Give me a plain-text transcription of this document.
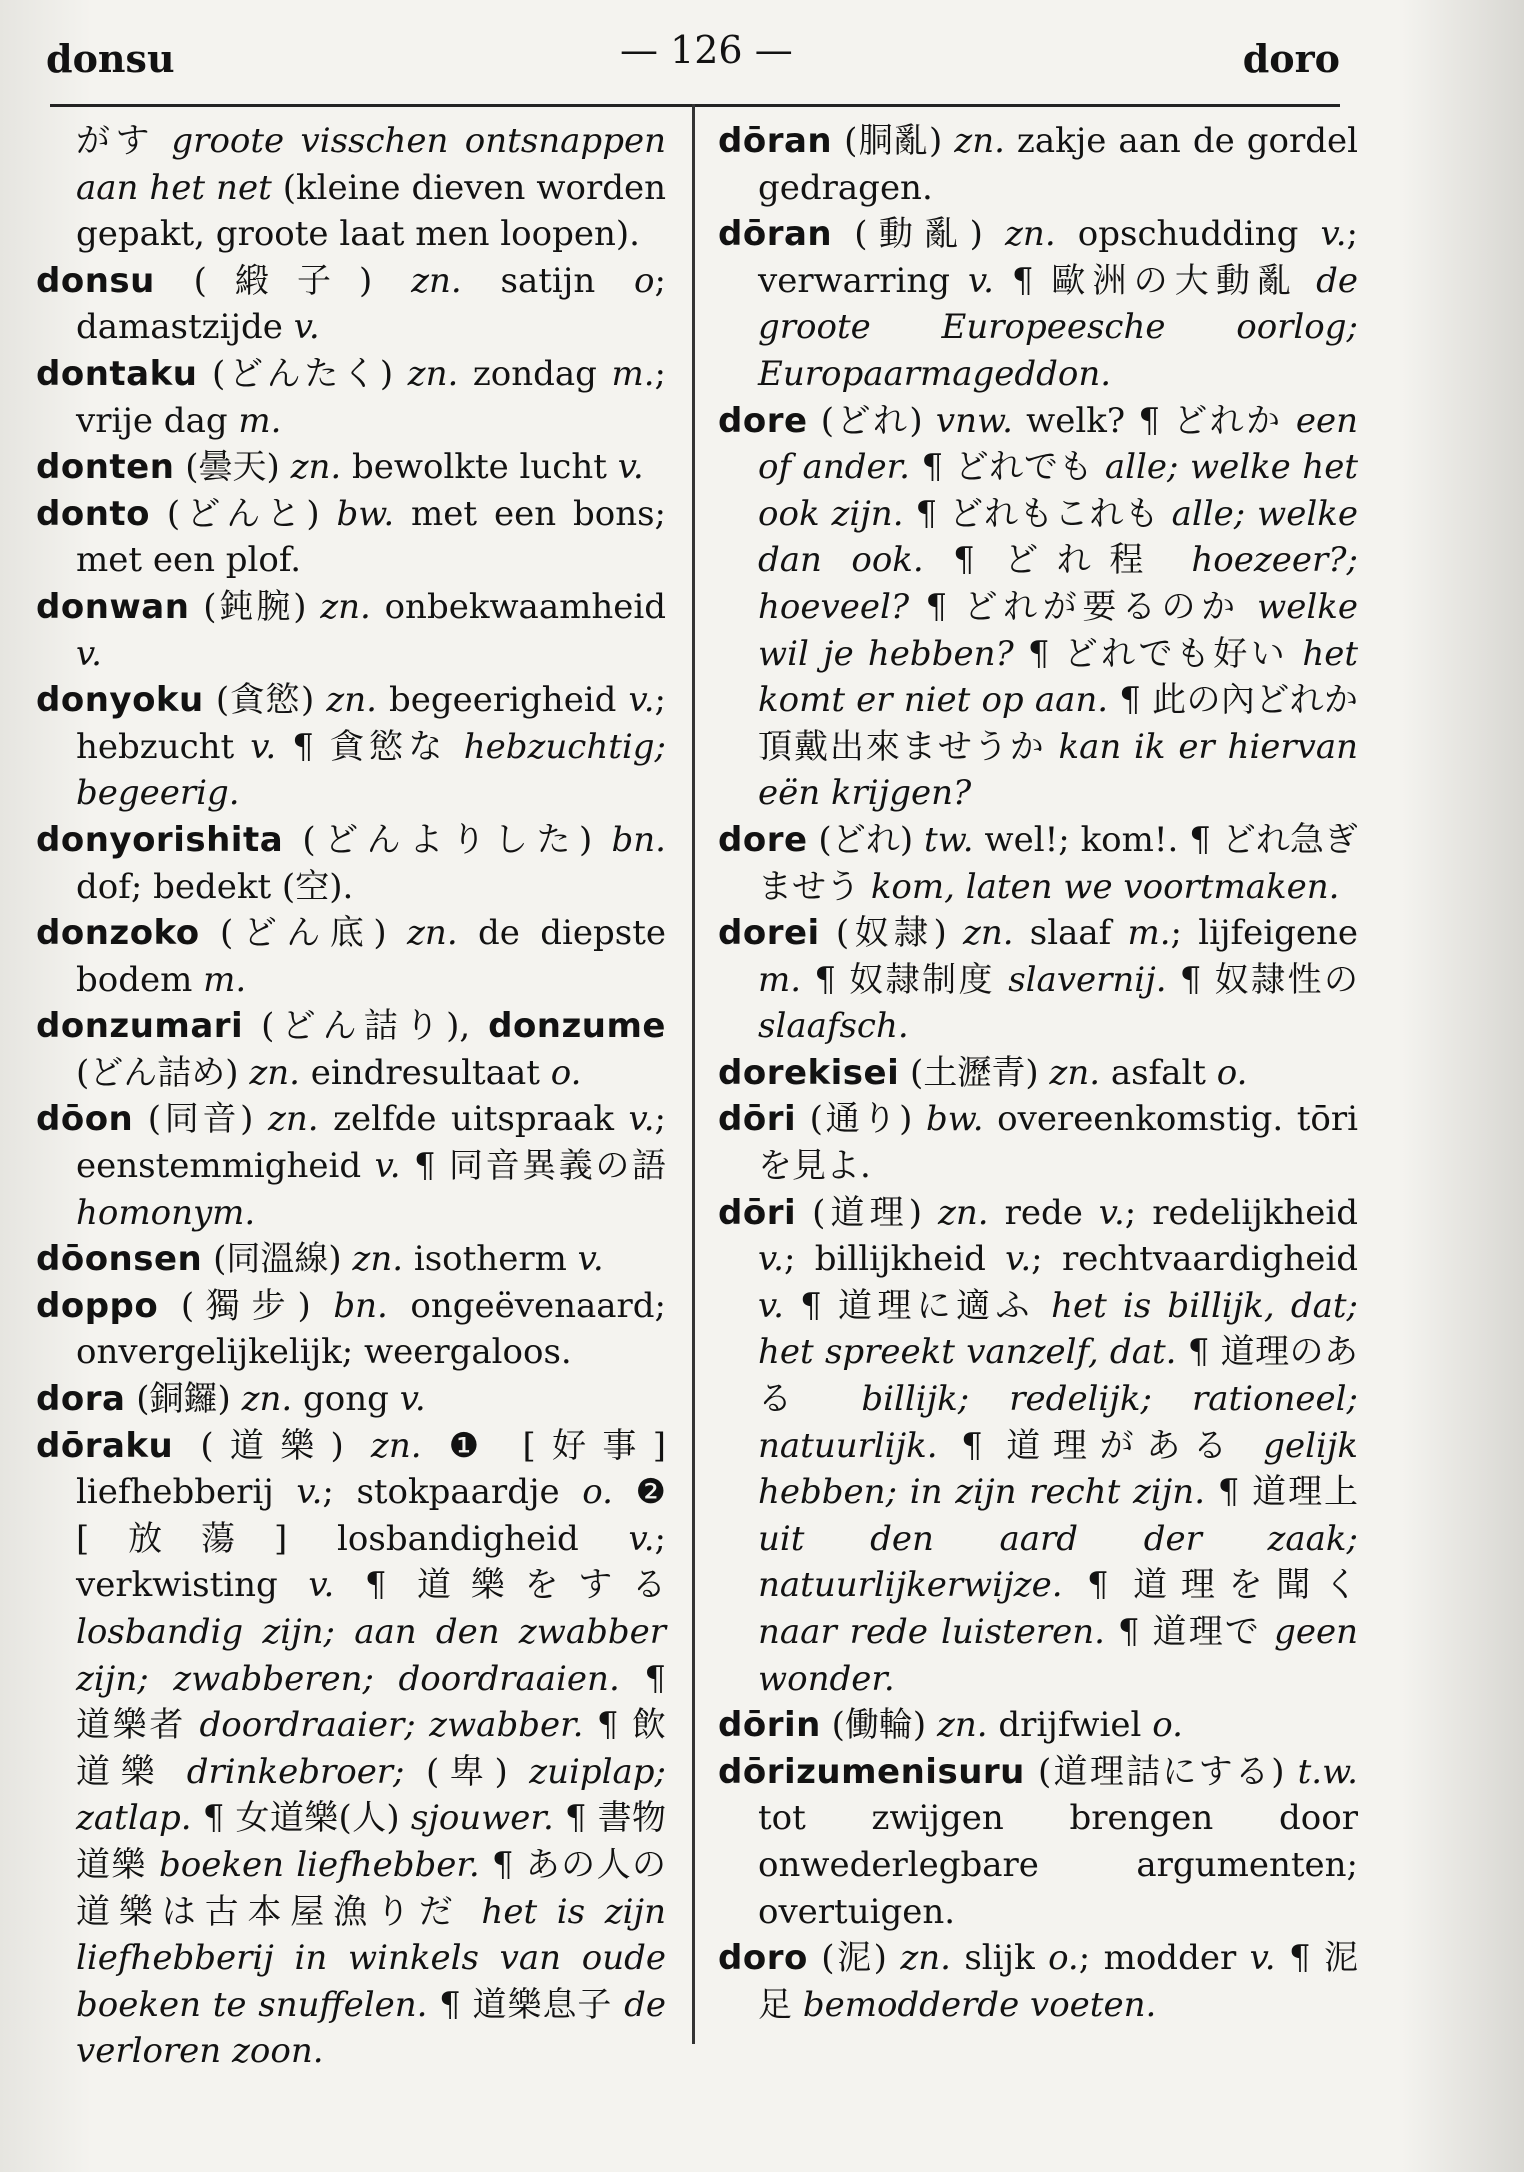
donsu	— 126 —	doro

がす groote visschen ontsnappen aan het net (kleine dieven worden gepakt, groote laat men loopen).

donsu (緞子) zn. satijn o; damastzijde v.

dontaku (どんたく) zn. zondag m.; vrije dag m.

donten (曇天) zn. bewolkte lucht v.

donto (どんと) bw. met een bons; met een plof.

donwan (鈍腕) zn. onbekwaamheid v.

donyoku (貪慾) zn. begeerigheid v.; hebzucht v. ¶ 貪慾な hebzuchtig; begeerig.

donyorishita (どんよりした) bn. dof; bedekt (空).

donzoko (どん底) zn. de diepste bodem m.

donzumari (どん詰り), donzume (どん詰め) zn. eindresultaat o.

dōon (同音) zn. zelfde uitspraak v.; eenstemmigheid v. ¶ 同音異義の語 homonym.

dōonsen (同溫線) zn. isotherm v.

doppo (獨步) bn. ongeëvenaard; onvergelijkelijk; weergaloos.

dora (銅鑼) zn. gong v.

dōraku (道樂) zn. ❶ [好事] liefhebberij v.; stokpaardje o. ❷ [放蕩] losbandigheid v.; verkwisting v. ¶ 道樂をする losbandig zijn; aan den zwabber zijn; zwabberen; doordraaien. ¶ 道樂者 doordraaier; zwabber. ¶ 飲道樂 drinkebroer; (卑) zuiplap; zatlap. ¶ 女道樂(人) sjouwer. ¶ 書物道樂 boeken liefhebber. ¶ あの人の道樂は古本屋漁りだ het is zijn liefhebberij in winkels van oude boeken te snuffelen. ¶ 道樂息子 de verloren zoon.

dōran (胴亂) zn. zakje aan de gordel gedragen.

dōran (動亂) zn. opschudding v.; verwarring v. ¶ 歐洲の大動亂 de groote Europeesche oorlog; Europaarmageddon.

dore (どれ) vnw. welk? ¶ どれか een of ander. ¶ どれでも alle; welke het ook zijn. ¶ どれもこれも alle; welke dan ook. ¶ どれ程 hoezeer?; hoeveel? ¶ どれが要るのか welke wil je hebben? ¶ どれでも好い het komt er niet op aan. ¶ 此の內どれか頂戴出來ませうか kan ik er hiervan eën krijgen?

dore (どれ) tw. wel!; kom!. ¶ どれ急ぎませう kom, laten we voortmaken.

dorei (奴隷) zn. slaaf m.; lijfeigene m. ¶ 奴隷制度 slavernij. ¶ 奴隷性の slaafsch.

dorekisei (土瀝青) zn. asfalt o.

dōri (通り) bw. overeenkomstig. tōri を見よ.

dōri (道理) zn. rede v.; redelijkheid v.; billijkheid v.; rechtvaardigheid v. ¶ 道理に適ふ het is billijk, dat; het spreekt vanzelf, dat. ¶ 道理のある billijk; redelijk; rationeel; natuurlijk. ¶ 道理がある gelijk hebben; in zijn recht zijn. ¶ 道理上 uit den aard der zaak; natuurlijkerwijze. ¶ 道理を聞く naar rede luisteren. ¶ 道理で geen wonder.

dōrin (働輪) zn. drijfwiel o.

dōrizumenisuru (道理詰にする) t.w. tot zwijgen brengen door onwederlegbare argumenten; overtuigen.

doro (泥) zn. slijk o.; modder v. ¶ 泥足 bemodderde voeten.
